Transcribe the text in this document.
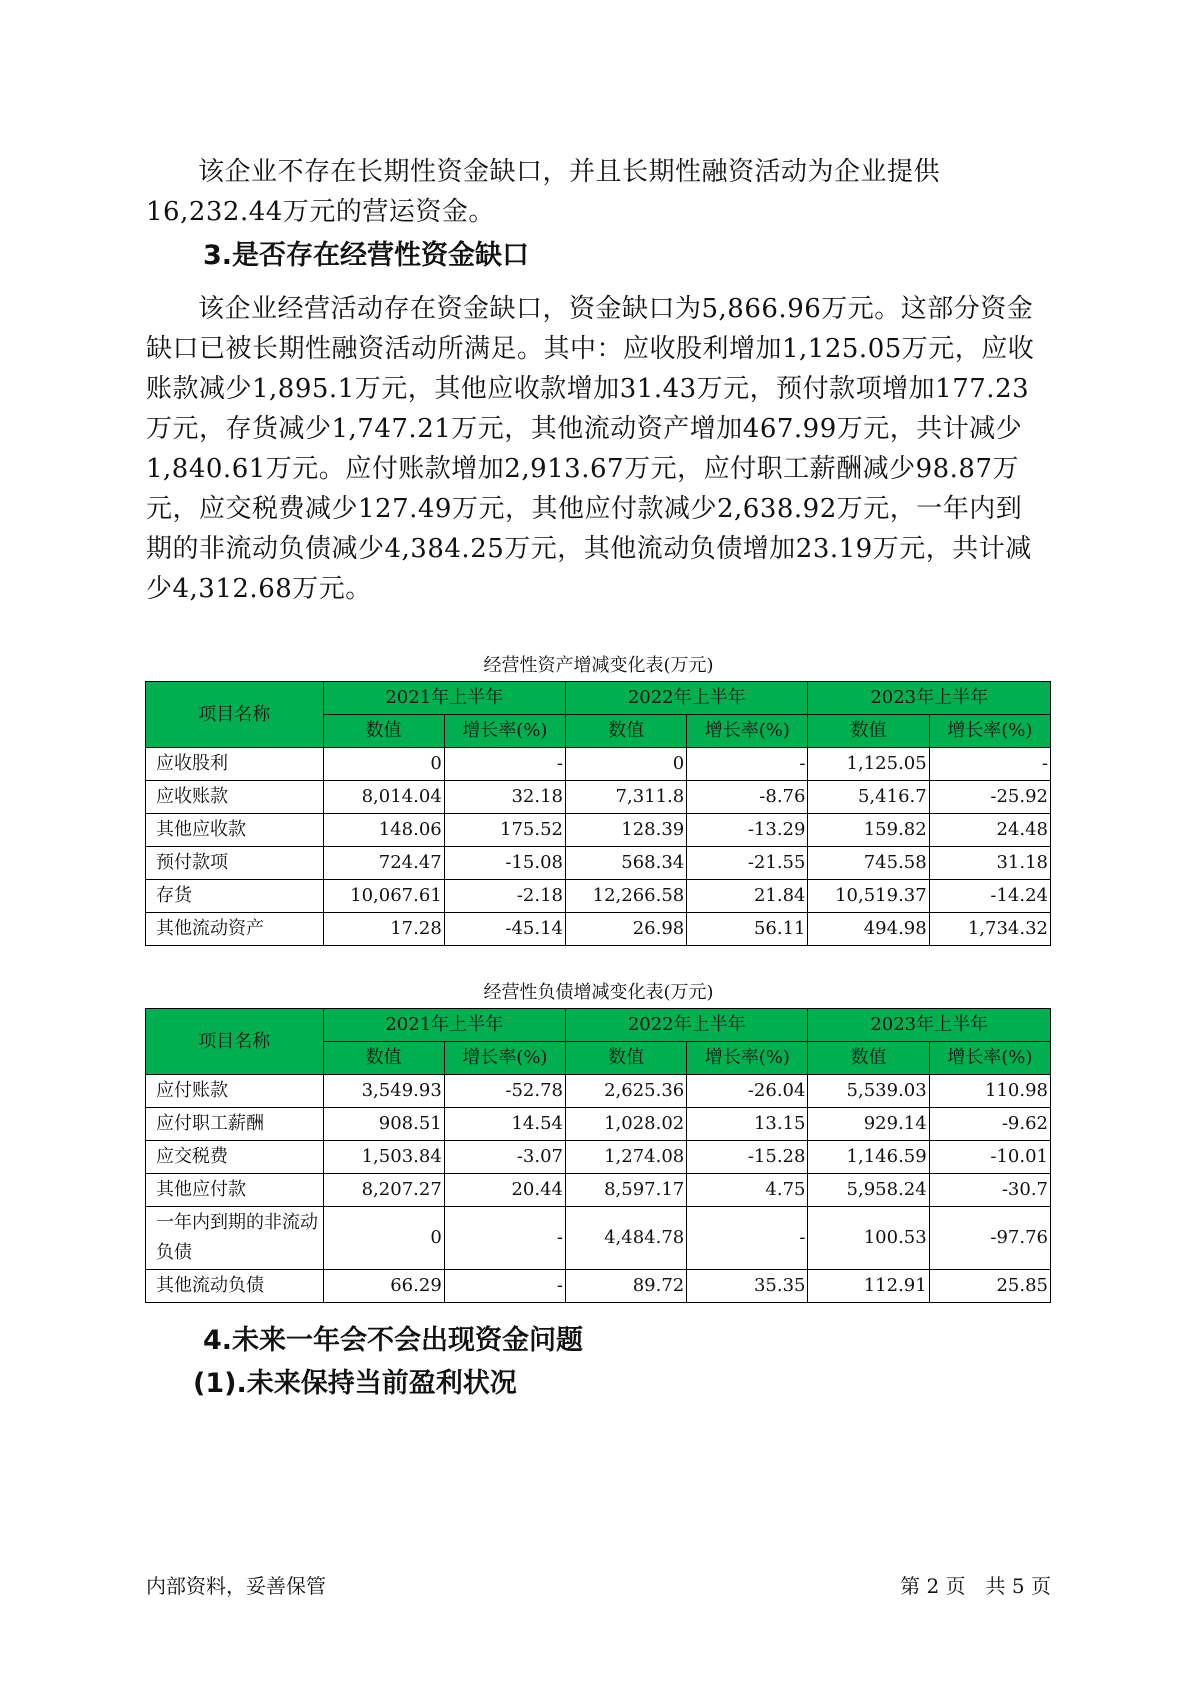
该企业不存在长期性资金缺口，并且长期性融资活动为企业提供16,232.44万元的营运资金。
3.是否存在经营性资金缺口
该企业经营活动存在资金缺口，资金缺口为5,866.96万元。这部分资金缺口已被长期性融资活动所满足。其中：应收股利增加1,125.05万元，应收账款减少1,895.1万元，其他应收款增加31.43万元，预付款项增加177.23万元，存货减少1,747.21万元，其他流动资产增加467.99万元，共计减少1,840.61万元。应付账款增加2,913.67万元，应付职工薪酬减少98.87万元，应交税费减少127.49万元，其他应付款减少2,638.92万元，一年内到期的非流动负债减少4,384.25万元，其他流动负债增加23.19万元，共计减少4,312.68万元。
经营性资产增减变化表(万元)
项目名称	2021年上半年		2022年上半年		2023年上半年	
	数值	增长率(%)	数值	增长率(%)	数值	增长率(%)
应收股利	0	-	0	-	1,125.05	-
应收账款	8,014.04	32.18	7,311.8	-8.76	5,416.7	-25.92
其他应收款	148.06	175.52	128.39	-13.29	159.82	24.48
预付款项	724.47	-15.08	568.34	-21.55	745.58	31.18
存货	10,067.61	-2.18	12,266.58	21.84	10,519.37	-14.24
其他流动资产	17.28	-45.14	26.98	56.11	494.98	1,734.32
经营性负债增减变化表(万元)
项目名称	2021年上半年		2022年上半年		2023年上半年	
	数值	增长率(%)	数值	增长率(%)	数值	增长率(%)
应付账款	3,549.93	-52.78	2,625.36	-26.04	5,539.03	110.98
应付职工薪酬	908.51	14.54	1,028.02	13.15	929.14	-9.62
应交税费	1,503.84	-3.07	1,274.08	-15.28	1,146.59	-10.01
其他应付款	8,207.27	20.44	8,597.17	4.75	5,958.24	-30.7
一年内到期的非流动负债	0	-	4,484.78	-	100.53	-97.76
其他流动负债	66.29	-	89.72	35.35	112.91	25.85
4.未来一年会不会出现资金问题
(1).未来保持当前盈利状况
内部资料，妥善保管	第 2 页　共 5 页
